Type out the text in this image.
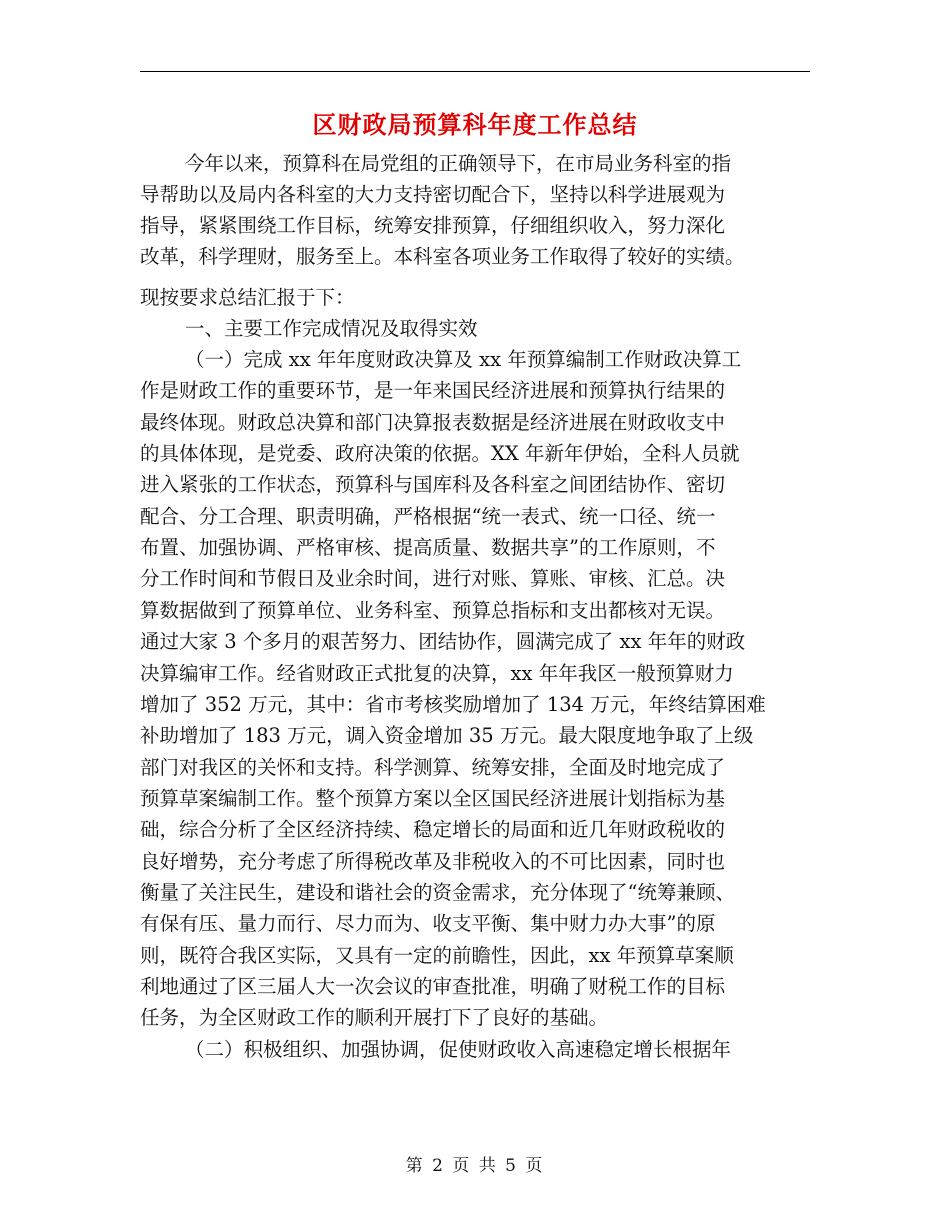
区财政局预算科年度工作总结
今年以来，预算科在局党组的正确领导下，在市局业务科室的指
导帮助以及局内各科室的大力支持密切配合下，坚持以科学进展观为
指导，紧紧围绕工作目标，统筹安排预算，仔细组织收入，努力深化
改革，科学理财，服务至上。本科室各项业务工作取得了较好的实绩。
现按要求总结汇报于下：
一、主要工作完成情况及取得实效
（一）完成 xx 年年度财政决算及 xx 年预算编制工作财政决算工
作是财政工作的重要环节，是一年来国民经济进展和预算执行结果的
最终体现。财政总决算和部门决算报表数据是经济进展在财政收支中
的具体体现，是党委、政府决策的依据。XX 年新年伊始，全科人员就
进入紧张的工作状态，预算科与国库科及各科室之间团结协作、密切
配合、分工合理、职责明确，严格根据“统一表式、统一口径、统一
布置、加强协调、严格审核、提高质量、数据共享”的工作原则，不
分工作时间和节假日及业余时间，进行对账、算账、审核、汇总。决
算数据做到了预算单位、业务科室、预算总指标和支出都核对无误。
通过大家 3 个多月的艰苦努力、团结协作，圆满完成了 xx 年年的财政
决算编审工作。经省财政正式批复的决算，xx 年年我区一般预算财力
增加了 352 万元，其中：省市考核奖励增加了 134 万元，年终结算困难
补助增加了 183 万元，调入资金增加 35 万元。最大限度地争取了上级
部门对我区的关怀和支持。科学测算、统筹安排，全面及时地完成了
预算草案编制工作。整个预算方案以全区国民经济进展计划指标为基
础，综合分析了全区经济持续、稳定增长的局面和近几年财政税收的
良好增势，充分考虑了所得税改革及非税收入的不可比因素，同时也
衡量了关注民生，建设和谐社会的资金需求，充分体现了“统筹兼顾、
有保有压、量力而行、尽力而为、收支平衡、集中财力办大事”的原
则，既符合我区实际，又具有一定的前瞻性，因此，xx 年预算草案顺
利地通过了区三届人大一次会议的审查批准，明确了财税工作的目标
任务，为全区财政工作的顺利开展打下了良好的基础。
（二）积极组织、加强协调，促使财政收入高速稳定增长根据年
第 2 页 共 5 页
